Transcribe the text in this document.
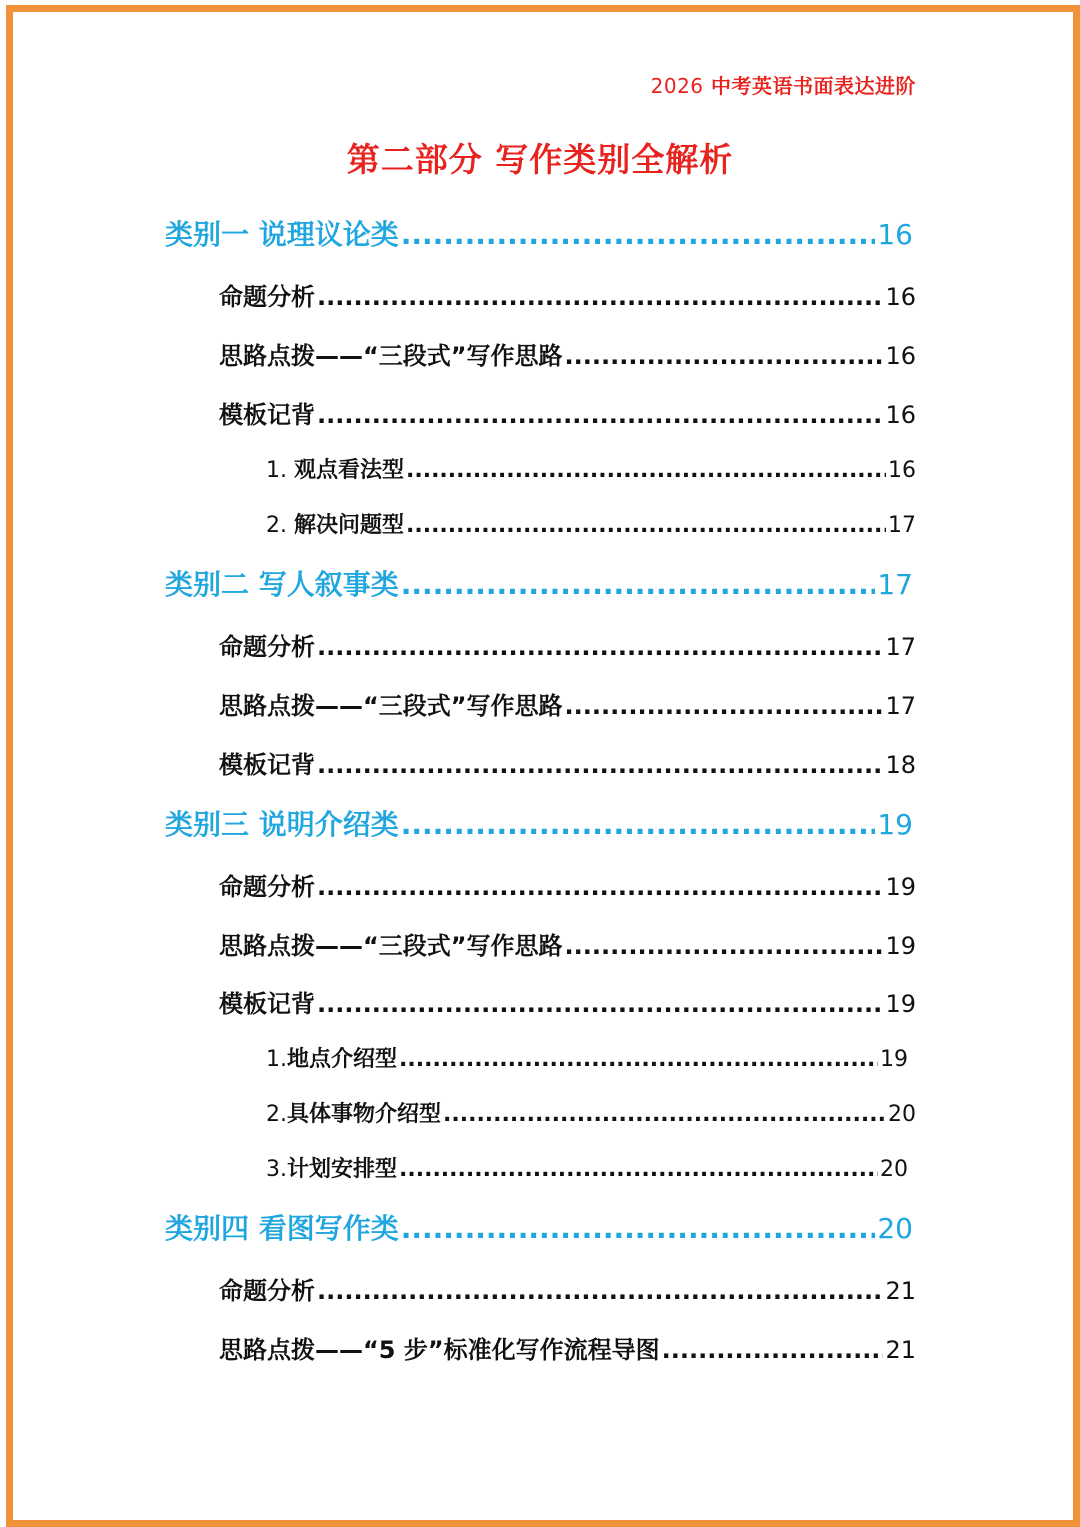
2026 中考英语书面表达进阶
第二部分 写作类别全解析
类别一 说理议论类 .....	16
命题分析 .....	16
思路点拨——“三段式”写作思路 .....	16
模板记背 .....	16
1. 观点看法型 .....	16
2. 解决问题型 .....	17
类别二 写人叙事类 .....	17
命题分析 .....	17
思路点拨——“三段式”写作思路 .....	17
模板记背 .....	18
类别三 说明介绍类 .....	19
命题分析 .....	19
思路点拨——“三段式”写作思路 .....	19
模板记背 .....	19
1.地点介绍型 .....	19
2.具体事物介绍型 .....	20
3.计划安排型 .....	20
类别四 看图写作类 .....	20
命题分析 .....	21
思路点拨——“5 步”标准化写作流程导图 .....	21
